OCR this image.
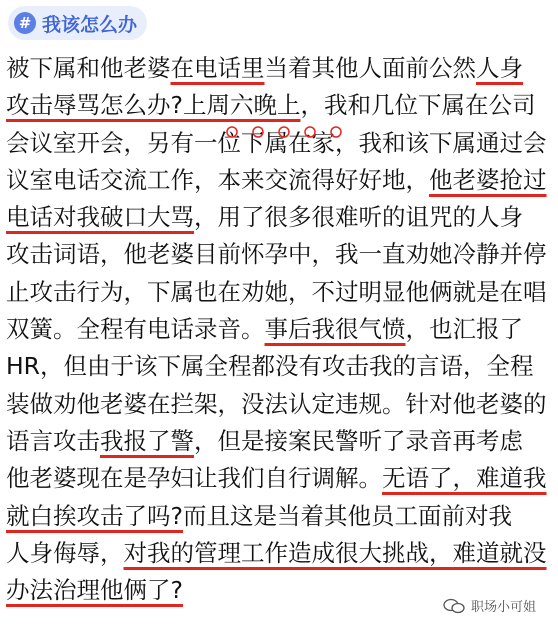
# 我该怎么办
被下属和他老婆在电话里当着其他人面前公然人身
攻击辱骂怎么办?上周六晚上，我和几位下属在公司
会议室开会，另有一位下属在家，我和该下属通过会
议室电话交流工作，本来交流得好好地，他老婆抢过
电话对我破口大骂，用了很多很难听的诅咒的人身
攻击词语，他老婆目前怀孕中，我一直劝她冷静并停
止攻击行为，下属也在劝她，不过明显他俩就是在唱
双簧。全程有电话录音。事后我很气愤，也汇报了
HR，但由于该下属全程都没有攻击我的言语，全程
装做劝他老婆在拦架，没法认定违规。针对他老婆的
语言攻击我报了警，但是接案民警听了录音再考虑
他老婆现在是孕妇让我们自行调解。无语了，难道我
就白挨攻击了吗?而且这是当着其他员工面前对我
人身侮辱，对我的管理工作造成很大挑战，难道就没
办法治理他俩了?
职场小可姐
